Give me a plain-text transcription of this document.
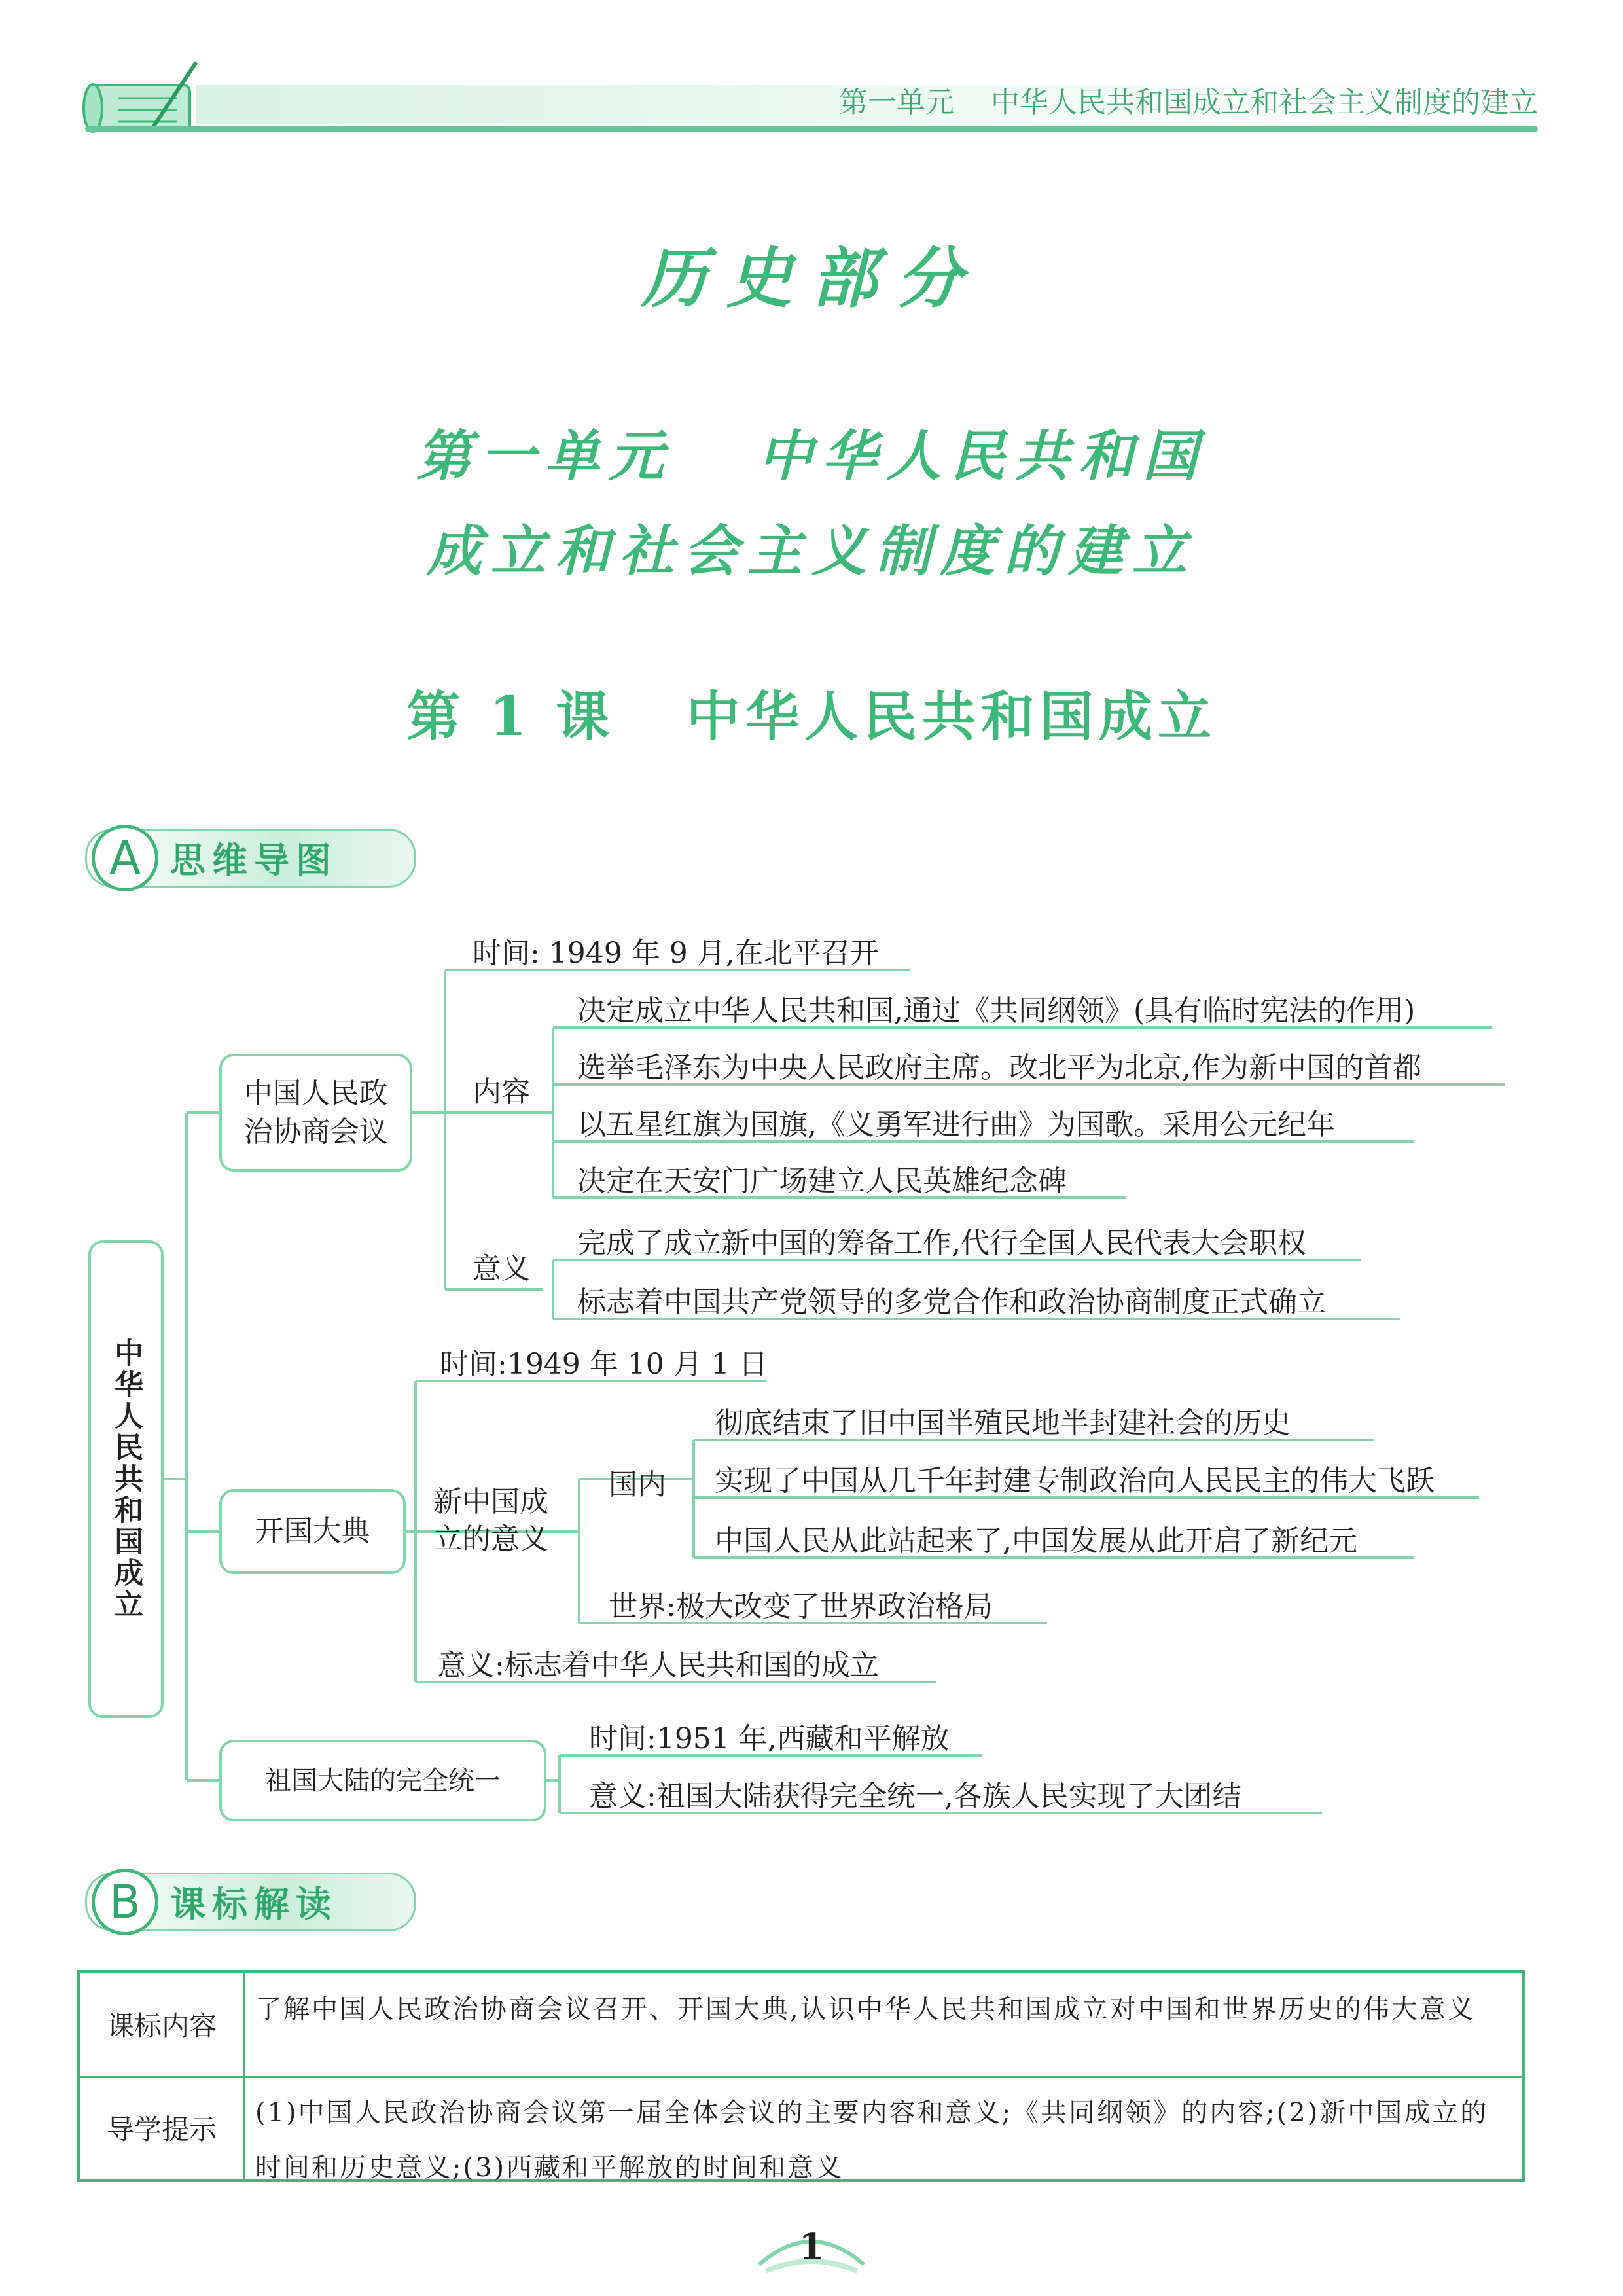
第一单元    中华人民共和国成立和社会主义制度的建立
历史部分
第一单元   中华人民共和国
成立和社会主义制度的建立
第 1 课   中华人民共和国成立
A 思维导图
中华人民共和国成立
中国人民政治协商会议
时间: 1949 年 9 月,在北平召开
内容
决定成立中华人民共和国,通过《共同纲领》(具有临时宪法的作用)
选举毛泽东为中央人民政府主席。改北平为北京,作为新中国的首都
以五星红旗为国旗,《义勇军进行曲》为国歌。采用公元纪年
决定在天安门广场建立人民英雄纪念碑
意义
完成了成立新中国的筹备工作,代行全国人民代表大会职权
标志着中国共产党领导的多党合作和政治协商制度正式确立
开国大典
时间:1949 年 10 月 1 日
新中国成立的意义
国内
彻底结束了旧中国半殖民地半封建社会的历史
实现了中国从几千年封建专制政治向人民民主的伟大飞跃
中国人民从此站起来了,中国发展从此开启了新纪元
世界:极大改变了世界政治格局
意义:标志着中华人民共和国的成立
祖国大陆的完全统一
时间:1951 年,西藏和平解放
意义:祖国大陆获得完全统一,各族人民实现了大团结
B 课标解读
课标内容
了解中国人民政治协商会议召开、开国大典,认识中华人民共和国成立对中国和世界历史的伟大意义
导学提示
(1)中国人民政治协商会议第一届全体会议的主要内容和意义;《共同纲领》的内容;(2)新中国成立的时间和历史意义;(3)西藏和平解放的时间和意义
1
